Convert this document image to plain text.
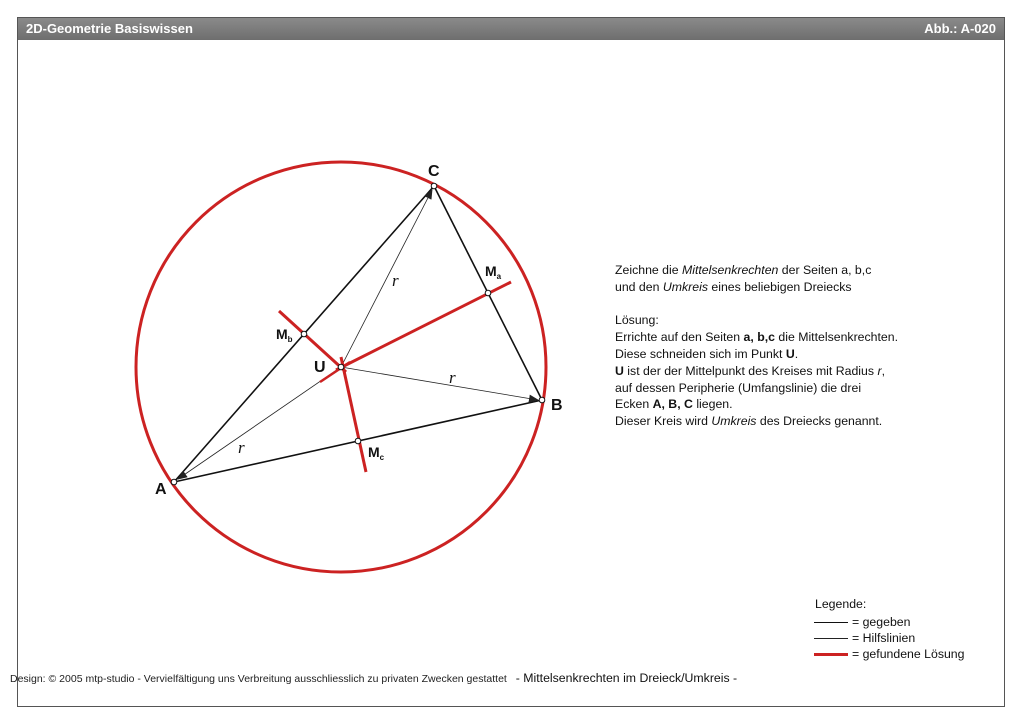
2D-Geometrie Basiswissen	Abb.: A-020
A
B
C
U
$M_a$
$M_b$
$M_c$
r
r
r

Zeichne die Mittelsenkrechten der Seiten a, b,c

und den Umkreis eines beliebigen Dreiecks

Lösung:

Errichte auf den Seiten a, b,c die Mittelsenkrechten.

Diese schneiden sich im Punkt U.

U ist der der Mittelpunkt des Kreises mit Radius r,

auf dessen Peripherie (Umfangslinie) die drei

Ecken A, B, C liegen.

Dieser Kreis wird Umkreis des Dreiecks genannt.

Legende:
= gegeben
= Hilfslinien
= gefundene Lösung
Design: © 2005 mtp-studio - Vervielfältigung uns Verbreitung ausschliesslich zu privaten Zwecken gestattet - Mittelsenkrechten im Dreieck/Umkreis -
